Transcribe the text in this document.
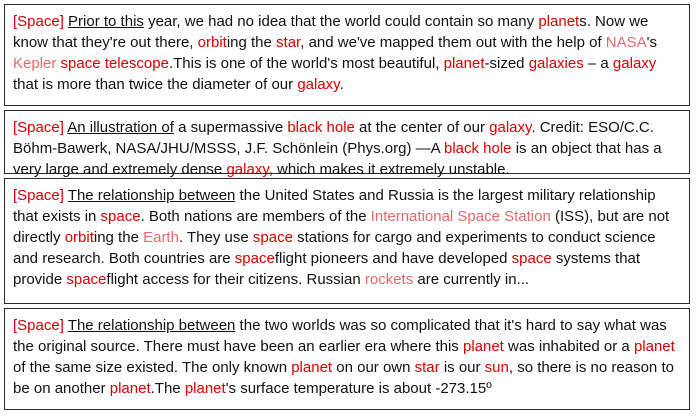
[Space] Prior to this year, we had no idea that the world could contain so many planets. Now we know that they're out there, orbiting the star, and we've mapped them out with the help of NASA's Kepler space telescope.This is one of the world's most beautiful, planet-sized galaxies – a galaxy that is more than twice the diameter of our galaxy.
[Space] An illustration of a supermassive black hole at the center of our galaxy. Credit: ESO/C.C. Böhm-Bawerk, NASA/JHU/MSSS, J.F. Schönlein (Phys.org) —A black hole is an object that has a very large and extremely dense galaxy, which makes it extremely unstable.
[Space] The relationship between the United States and Russia is the largest military relationship that exists in space. Both nations are members of the International Space Station (ISS), but are not directly orbiting the Earth. They use space stations for cargo and experiments to conduct science and research. Both countries are spaceflight pioneers and have developed space systems that provide spaceflight access for their citizens. Russian rockets are currently in...
[Space] The relationship between the two worlds was so complicated that it's hard to say what was the original source. There must have been an earlier era where this planet was inhabited or a planet of the same size existed. The only known planet on our own star is our sun, so there is no reason to be on another planet.The planet's surface temperature is about -273.15º
